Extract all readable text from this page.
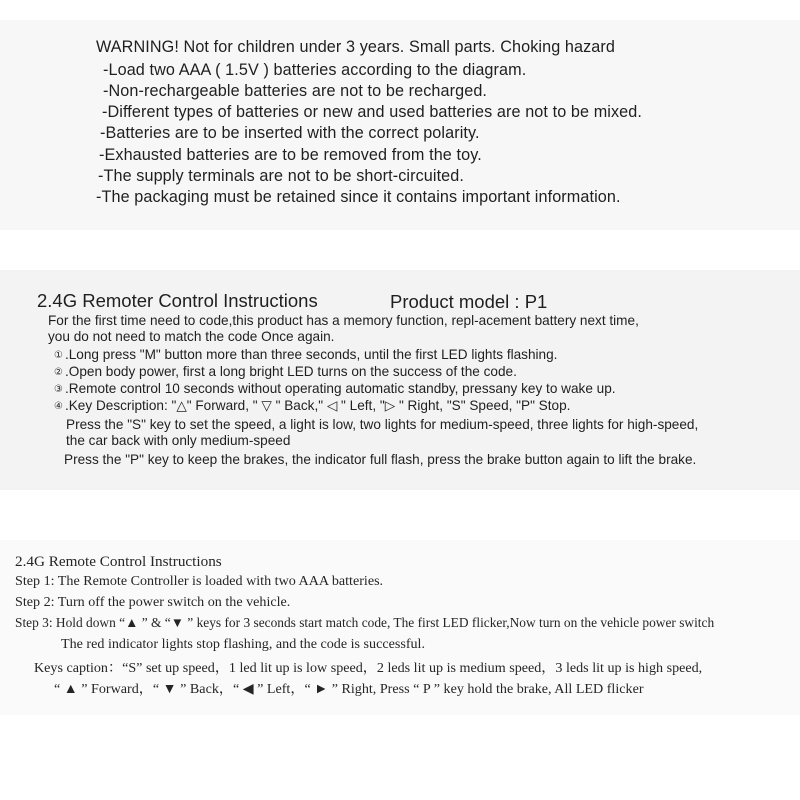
WARNING! Not for children under 3 years. Small parts. Choking hazard

-Load two AAA ( 1.5V ) batteries according to the diagram.

-Non-rechargeable batteries are not to be recharged.

-Different types of batteries or new and used batteries are not to be mixed.

-Batteries are to be inserted with the correct polarity.

-Exhausted batteries are to be removed from the toy.

-The supply terminals are not to be short-circuited.

-The packaging must be retained since it contains important information.

2.4G Remoter Control Instructions	Product model : P1

For the first time need to code,this product has a memory function, repl-acement battery next time,

you do not need to match the code Once again.

① .Long press "M" button more than three seconds, until the first LED lights flashing.

② .Open body power, first a long bright LED turns on the success of the code.

③ .Remote control 10 seconds without operating automatic standby, pressany key to wake up.

④ .Key Description: "△" Forward, " ▽ " Back," ◁ " Left, "▷ " Right, "S" Speed, "P" Stop.

Press the "S" key to set the speed, a light is low, two lights for medium-speed, three lights for high-speed,

the car back with only medium-speed

Press the "P" key to keep the brakes, the indicator full flash, press the brake button again to lift the brake.

2.4G Remote Control Instructions

Step 1: The Remote Controller is loaded with two AAA batteries.

Step 2: Turn off the power switch on the vehicle.

Step 3: Hold down “▲ ” & “▼ ” keys for 3 seconds start match code, The first LED flicker,Now turn on the vehicle power switch

The red indicator lights stop flashing, and the code is successful.

Keys caption：“S” set up speed，1 led lit up is low speed，2 leds lit up is medium speed，3 leds lit up is high speed,

“ ▲ ” Forward，“ ▼ ” Back，“ ◀ ” Left，“ ► ” Right, Press “ P ” key hold the brake, All LED flicker
